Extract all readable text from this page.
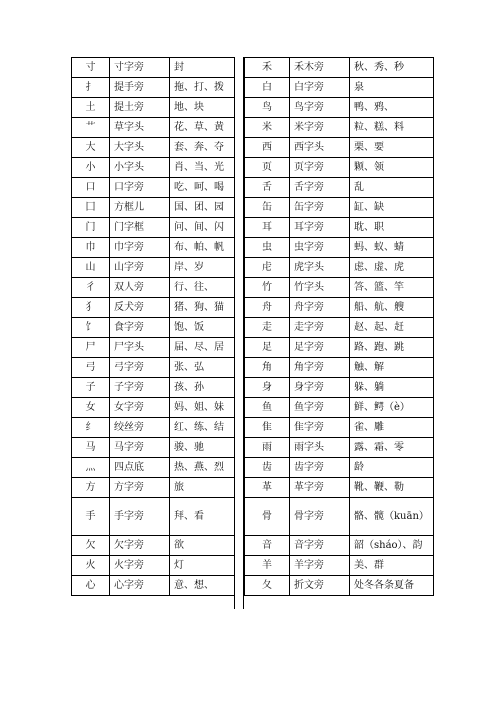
寸	寸字旁	封
扌	提手旁	拖、打、拨
土	提土旁	地、块
艹	草字头	花、草、黄
大	大字头	套、奔、夺
小	小字头	肖、当、光
口	口字旁	吃、呵、喝
囗	方框儿	国、团、园
门	门字框	问、间、闪
巾	巾字旁	布、帕、帆
山	山字旁	岸、岁
彳	双人旁	行、往、
犭	反犬旁	猪、狗、猫
饣	食字旁	饱、饭
尸	尸字头	届、尽、居
弓	弓字旁	张、弘
子	子字旁	孩、孙
女	女字旁	妈、姐、妹
纟	绞丝旁	红、练、结
马	马字旁	骏、驰
灬	四点底	热、燕、烈
方	方字旁	旅
手	手字旁	拜、看
欠	欠字旁	欲
火	火字旁	灯
心	心字旁	意、想、
禾	禾木旁	秋、秀、秒
白	白字旁	泉
鸟	鸟字旁	鸭、鸦、
米	米字旁	粒、糕、料
西	西字头	栗、要
页	页字旁	颗、领
舌	舌字旁	乱
缶	缶字旁	缸、缺
耳	耳字旁	耽、职
虫	虫字旁	蚂、蚁、蜻
虍	虎字头	虑、虚、虎
竹	竹字头	答、篮、竿
舟	舟字旁	船、航、艘
走	走字旁	赵、起、赶
足	足字旁	路、跑、跳
角	角字旁	触、解
身	身字旁	躲、躺
鱼	鱼字旁	鲜、鳄（è）
隹	隹字旁	雀、雕
雨	雨字头	露、霜、零
齿	齿字旁	龄
革	革字旁	靴、鞭、勒
骨	骨字旁	骼、髋（kuān）
音	音字旁	韶（sháo）、韵
羊	羊字旁	美、群
夂	折文旁	处冬各条夏备
